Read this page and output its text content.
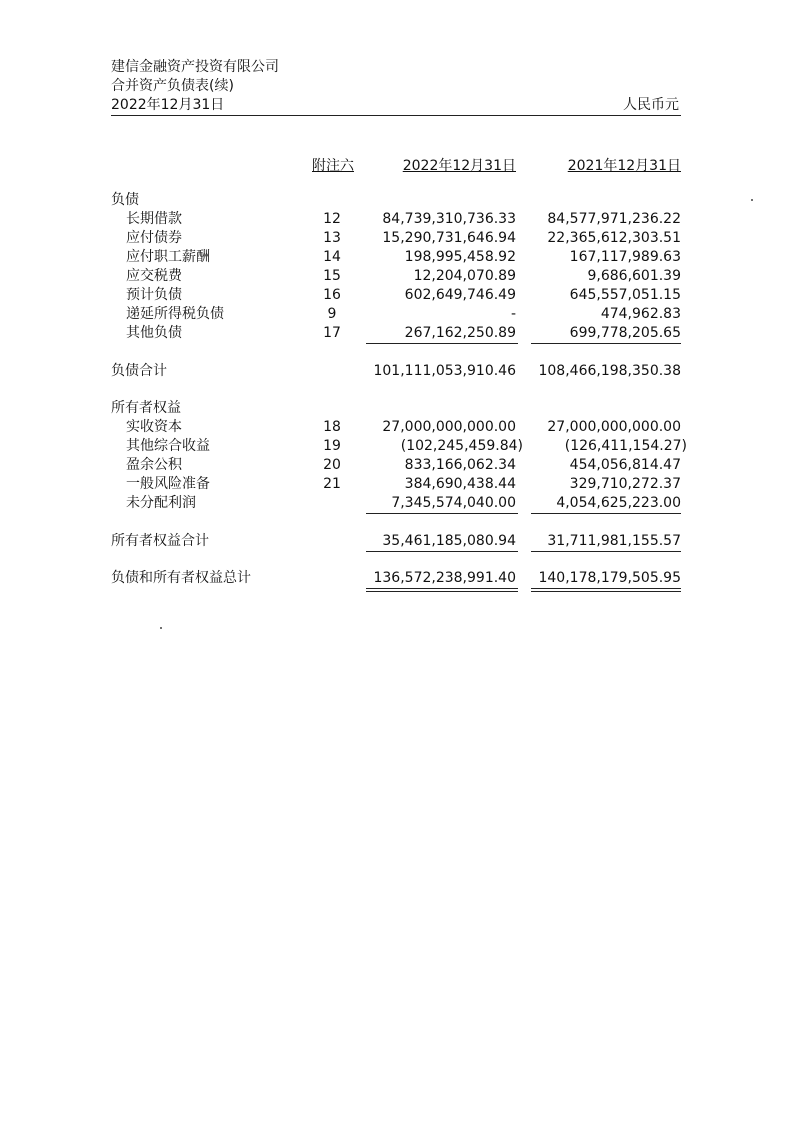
建信金融资产投资有限公司
合并资产负债表(续)
2022年12月31日	人民币元
附注六	2022年12月31日	2021年12月31日
负债
长期借款	12	84,739,310,736.33 84,577,971,236.22
应付债券	13	15,290,731,646.94 22,365,612,303.51
应付职工薪酬	14	198,995,458.92	167,117,989.63
应交税费	15	12,204,070.89	9,686,601.39
预计负债	16	602,649,746.49	645,557,051.15
递延所得税负债	9	-	474,962.83
其他负债	17	267,162,250.89	699,778,205.65
负债合计	101,111,053,910.46 108,466,198,350.38
所有者权益
实收资本	18	27,000,000,000.00 27,000,000,000.00
其他综合收益	19	(102,245,459.84)	(126,411,154.27)
盈余公积	20	833,166,062.34	454,056,814.47
一般风险准备	21	384,690,438.44	329,710,272.37
未分配利润	7,345,574,040.00	4,054,625,223.00
所有者权益合计	35,461,185,080.94 31,711,981,155.57
负债和所有者权益总计	136,572,238,991.40 140,178,179,505.95
